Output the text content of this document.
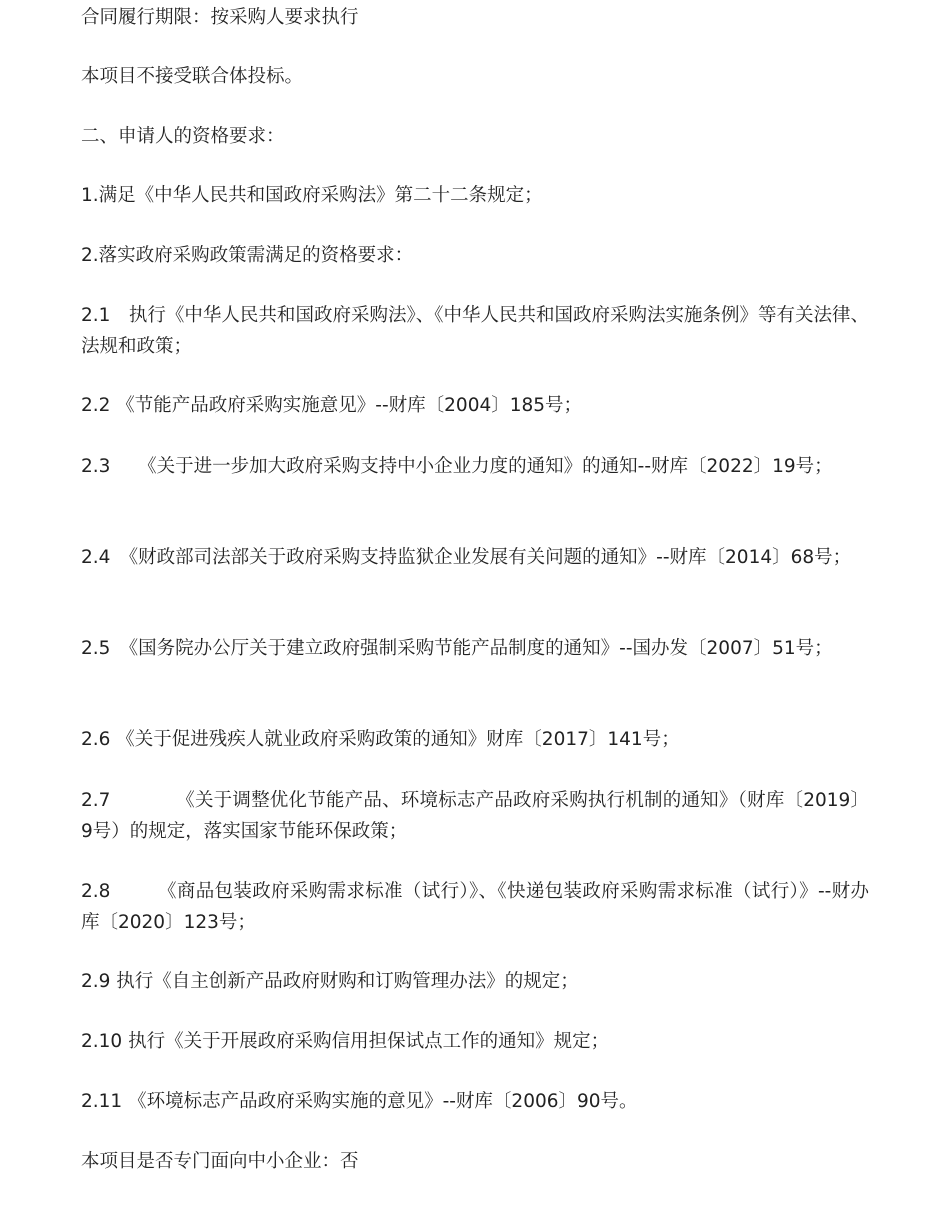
合同履行期限：按采购人要求执行

本项目不接受联合体投标。

二、申请人的资格要求：

1.满足《中华人民共和国政府采购法》第二十二条规定；

2.落实政府采购政策需满足的资格要求：

2.1　执行《中华人民共和国政府采购法》、《中华人民共和国政府采购法实施条例》等有关法律、法规和政策；

2.2 《节能产品政府采购实施意见》--财库〔2004〕185号；

2.3　　《关于进一步加大政府采购支持中小企业力度的通知》的通知--财库〔2022〕19号；

2.4　《财政部司法部关于政府采购支持监狱企业发展有关问题的通知》--财库〔2014〕68号；

2.5　《国务院办公厅关于建立政府强制采购节能产品制度的通知》--国办发〔2007〕51号；

2.6 《关于促进残疾人就业政府采购政策的通知》财库〔2017〕141号；

2.7　　　　《关于调整优化节能产品、环境标志产品政府采购执行机制的通知》（财库〔2019〕9号）的规定，落实国家节能环保政策；

2.8　　　《商品包装政府采购需求标准（试行）》、《快递包装政府采购需求标准（试行）》--财办库〔2020〕123号；

2.9 执行《自主创新产品政府财购和订购管理办法》的规定；

2.10 执行《关于开展政府采购信用担保试点工作的通知》规定；

2.11 《环境标志产品政府采购实施的意见》--财库〔2006〕90号。

本项目是否专门面向中小企业：否
